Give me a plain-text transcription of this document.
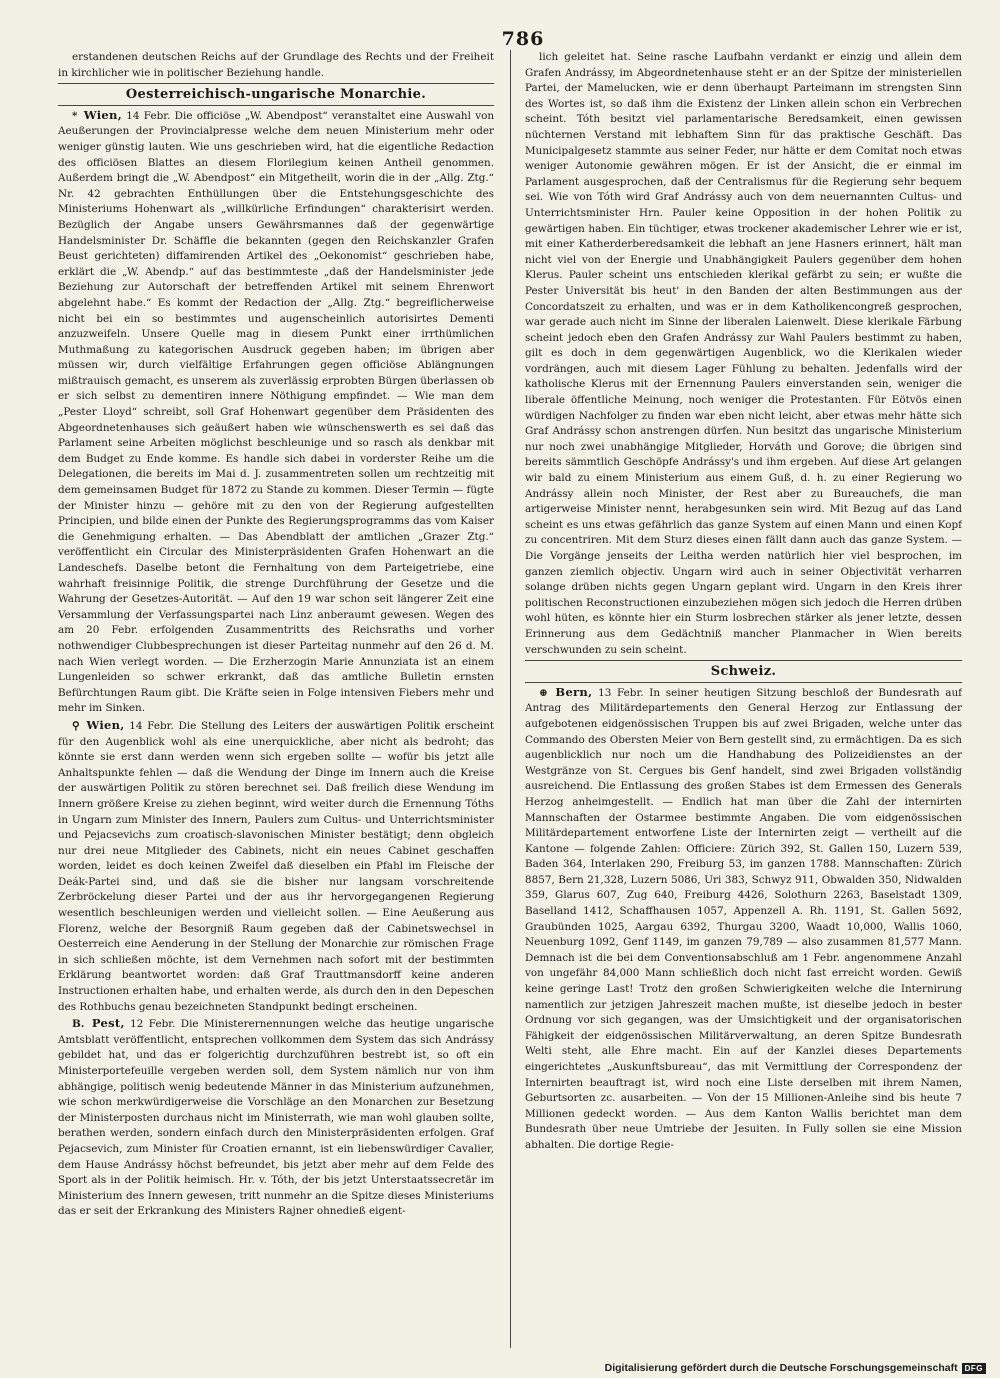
786
erstandenen deutschen Reichs auf der Grundlage des Rechts und der Freiheit in kirchlicher wie in politischer Beziehung handle.
Oesterreichisch-ungarische Monarchie.
* Wien, 14 Febr. Die officiöse „W. Abendpost“ veranstaltet eine Auswahl von Aeußerungen der Provincialpresse welche dem neuen Ministerium mehr oder weniger günstig lauten. Wie uns geschrieben wird, hat die eigentliche Redaction des officiösen Blattes an diesem Florilegium keinen Antheil genommen. Außerdem bringt die „W. Abendpost“ ein Mitgetheilt, worin die in der „Allg. Ztg.“ Nr. 42 gebrachten Enthüllungen über die Entstehungsgeschichte des Ministeriums Hohenwart als „willkürliche Erfindungen“ charakterisirt werden. Bezüglich der Angabe unsers Gewährsmannes daß der gegenwärtige Handelsminister Dr. Schäffle die bekannten (gegen den Reichskanzler Grafen Beust gerichteten) diffamirenden Artikel des „Oekonomist“ geschrieben habe, erklärt die „W. Abendp.“ auf das bestimmteste „daß der Handelsminister jede Beziehung zur Autorschaft der betreffenden Artikel mit seinem Ehrenwort abgelehnt habe.“ Es kommt der Redaction der „Allg. Ztg.“ begreiflicherweise nicht bei ein so bestimmtes und augenscheinlich autorisirtes Dementi anzuzweifeln. Unsere Quelle mag in diesem Punkt einer irrthümlichen Muthmaßung zu kategorischen Ausdruck gegeben haben; im übrigen aber müssen wir, durch vielfältige Erfahrungen gegen officiöse Ablängnungen mißtrauisch gemacht, es unserem als zuverlässig erprobten Bürgen überlassen ob er sich selbst zu dementiren innere Nöthigung empfindet. — Wie man dem „Pester Lloyd“ schreibt, soll Graf Hohenwart gegenüber dem Präsidenten des Abgeordnetenhauses sich geäußert haben wie wünschenswerth es sei daß das Parlament seine Arbeiten möglichst beschleunige und so rasch als denkbar mit dem Budget zu Ende komme. Es handle sich dabei in vorderster Reihe um die Delegationen, die bereits im Mai d. J. zusammentreten sollen um rechtzeitig mit dem gemeinsamen Budget für 1872 zu Stande zu kommen. Dieser Termin — fügte der Minister hinzu — gehöre mit zu den von der Regierung aufgestellten Principien, und bilde einen der Punkte des Regierungsprogramms das vom Kaiser die Genehmigung erhalten. — Das Abendblatt der amtlichen „Grazer Ztg.“ veröffentlicht ein Circular des Ministerpräsidenten Grafen Hohenwart an die Landeschefs. Daselbe betont die Fernhaltung von dem Parteigetriebe, eine wahrhaft freisinnige Politik, die strenge Durchführung der Gesetze und die Wahrung der Gesetzes-Autorität. — Auf den 19 war schon seit längerer Zeit eine Versammlung der Verfassungspartei nach Linz anberaumt gewesen. Wegen des am 20 Febr. erfolgenden Zusammentritts des Reichsraths und vorher nothwendiger Clubbesprechungen ist dieser Parteitag nunmehr auf den 26 d. M. nach Wien verlegt worden. — Die Erzherzogin Marie Annunziata ist an einem Lungenleiden so schwer erkrankt, daß das amtliche Bulletin ernsten Befürchtungen Raum gibt. Die Kräfte seien in Folge intensiven Fiebers mehr und mehr im Sinken.
⚲ Wien, 14 Febr. Die Stellung des Leiters der auswärtigen Politik erscheint für den Augenblick wohl als eine unerquickliche, aber nicht als bedroht; das könnte sie erst dann werden wenn sich ergeben sollte — wofür bis jetzt alle Anhaltspunkte fehlen — daß die Wendung der Dinge im Innern auch die Kreise der auswärtigen Politik zu stören berechnet sei. Daß freilich diese Wendung im Innern größere Kreise zu ziehen beginnt, wird weiter durch die Ernennung Tóths in Ungarn zum Minister des Innern, Paulers zum Cultus- und Unterrichtsminister und Pejacsevichs zum croatisch-slavonischen Minister bestätigt; denn obgleich nur drei neue Mitglieder des Cabinets, nicht ein neues Cabinet geschaffen worden, leidet es doch keinen Zweifel daß dieselben ein Pfahl im Fleische der Deák-Partei sind, und daß sie die bisher nur langsam vorschreitende Zerbröckelung dieser Partei und der aus ihr hervorgegangenen Regierung wesentlich beschleunigen werden und vielleicht sollen. — Eine Aeußerung aus Florenz, welche der Besorgniß Raum gegeben daß der Cabinetswechsel in Oesterreich eine Aenderung in der Stellung der Monarchie zur römischen Frage in sich schließen möchte, ist dem Vernehmen nach sofort mit der bestimmten Erklärung beantwortet worden: daß Graf Trauttmansdorff keine anderen Instructionen erhalten habe, und erhalten werde, als durch den in den Depeschen des Rothbuchs genau bezeichneten Standpunkt bedingt erscheinen.
B. Pest, 12 Febr. Die Ministerernennungen welche das heutige ungarische Amtsblatt veröffentlicht, entsprechen vollkommen dem System das sich Andrássy gebildet hat, und das er folgerichtig durchzuführen bestrebt ist, so oft ein Ministerportefeuille vergeben werden soll, dem System nämlich nur von ihm abhängige, politisch wenig bedeutende Männer in das Ministerium aufzunehmen, wie schon merkwürdigerweise die Vorschläge an den Monarchen zur Besetzung der Ministerposten durchaus nicht im Ministerrath, wie man wohl glauben sollte, berathen werden, sondern einfach durch den Ministerpräsidenten erfolgen. Graf Pejacsevich, zum Minister für Croatien ernannt, ist ein liebenswürdiger Cavalier, dem Hause Andrássy höchst befreundet, bis jetzt aber mehr auf dem Felde des Sport als in der Politik heimisch. Hr. v. Tóth, der bis jetzt Unterstaatssecretär im Ministerium des Innern gewesen, tritt nunmehr an die Spitze dieses Ministeriums das er seit der Erkrankung des Ministers Rajner ohnedieß eigent-
lich geleitet hat. Seine rasche Laufbahn verdankt er einzig und allein dem Grafen Andrássy, im Abgeordnetenhause steht er an der Spitze der ministeriellen Partei, der Mamelucken, wie er denn überhaupt Parteimann im strengsten Sinn des Wortes ist, so daß ihm die Existenz der Linken allein schon ein Verbrechen scheint. Tóth besitzt viel parlamentarische Beredsamkeit, einen gewissen nüchternen Verstand mit lebhaftem Sinn für das praktische Geschäft. Das Municipalgesetz stammte aus seiner Feder, nur hätte er dem Comitat noch etwas weniger Autonomie gewähren mögen. Er ist der Ansicht, die er einmal im Parlament ausgesprochen, daß der Centralismus für die Regierung sehr bequem sei. Wie von Tóth wird Graf Andrássy auch von dem neuernannten Cultus- und Unterrichtsminister Hrn. Pauler keine Opposition in der hohen Politik zu gewärtigen haben. Ein tüchtiger, etwas trockener akademischer Lehrer wie er ist, mit einer Katherderberedsamkeit die lebhaft an jene Hasners erinnert, hält man nicht viel von der Energie und Unabhängigkeit Paulers gegenüber dem hohen Klerus. Pauler scheint uns entschieden klerikal gefärbt zu sein; er wußte die Pester Universität bis heut' in den Banden der alten Bestimmungen aus der Concordatszeit zu erhalten, und was er in dem Katholikencongreß gesprochen, war gerade auch nicht im Sinne der liberalen Laienwelt. Diese klerikale Färbung scheint jedoch eben den Grafen Andrássy zur Wahl Paulers bestimmt zu haben, gilt es doch in dem gegenwärtigen Augenblick, wo die Klerikalen wieder vordrängen, auch mit diesem Lager Fühlung zu behalten. Jedenfalls wird der katholische Klerus mit der Ernennung Paulers einverstanden sein, weniger die liberale öffentliche Meinung, noch weniger die Protestanten. Für Eötvös einen würdigen Nachfolger zu finden war eben nicht leicht, aber etwas mehr hätte sich Graf Andrássy schon anstrengen dürfen. Nun besitzt das ungarische Ministerium nur noch zwei unabhängige Mitglieder, Horváth und Gorove; die übrigen sind bereits sämmtlich Geschöpfe Andrássy's und ihm ergeben. Auf diese Art gelangen wir bald zu einem Ministerium aus einem Guß, d. h. zu einer Regierung wo Andrássy allein noch Minister, der Rest aber zu Bureauchefs, die man artigerweise Minister nennt, herabgesunken sein wird. Mit Bezug auf das Land scheint es uns etwas gefährlich das ganze System auf einen Mann und einen Kopf zu concentriren. Mit dem Sturz dieses einen fällt dann auch das ganze System. — Die Vorgänge jenseits der Leitha werden natürlich hier viel besprochen, im ganzen ziemlich objectiv. Ungarn wird auch in seiner Objectivität verharren solange drüben nichts gegen Ungarn geplant wird. Ungarn in den Kreis ihrer politischen Reconstructionen einzubeziehen mögen sich jedoch die Herren drüben wohl hüten, es könnte hier ein Sturm losbrechen stärker als jener letzte, dessen Erinnerung aus dem Gedächtniß mancher Planmacher in Wien bereits verschwunden zu sein scheint.
Schweiz.
⊕ Bern, 13 Febr. In seiner heutigen Sitzung beschloß der Bundesrath auf Antrag des Militärdepartements den General Herzog zur Entlassung der aufgebotenen eidgenössischen Truppen bis auf zwei Brigaden, welche unter das Commando des Obersten Meier von Bern gestellt sind, zu ermächtigen. Da es sich augenblicklich nur noch um die Handhabung des Polizeidienstes an der Westgränze von St. Cergues bis Genf handelt, sind zwei Brigaden vollständig ausreichend. Die Entlassung des großen Stabes ist dem Ermessen des Generals Herzog anheimgestellt. — Endlich hat man über die Zahl der internirten Mannschaften der Ostarmee bestimmte Angaben. Die vom eidgenössischen Militärdepartement entworfene Liste der Internirten zeigt — vertheilt auf die Kantone — folgende Zahlen: Officiere: Zürich 392, St. Gallen 150, Luzern 539, Baden 364, Interlaken 290, Freiburg 53, im ganzen 1788. Mannschaften: Zürich 8857, Bern 21,328, Luzern 5086, Uri 383, Schwyz 911, Obwalden 350, Nidwalden 359, Glarus 607, Zug 640, Freiburg 4426, Solothurn 2263, Baselstadt 1309, Baselland 1412, Schaffhausen 1057, Appenzell A. Rh. 1191, St. Gallen 5692, Graubünden 1025, Aargau 6392, Thurgau 3200, Waadt 10,000, Wallis 1060, Neuenburg 1092, Genf 1149, im ganzen 79,789 — also zusammen 81,577 Mann. Demnach ist die bei dem Conventionsabschluß am 1 Febr. angenommene Anzahl von ungefähr 84,000 Mann schließlich doch nicht fast erreicht worden. Gewiß keine geringe Last! Trotz den großen Schwierigkeiten welche die Internirung namentlich zur jetzigen Jahreszeit machen mußte, ist dieselbe jedoch in bester Ordnung vor sich gegangen, was der Umsichtigkeit und der organisatorischen Fähigkeit der eidgenössischen Militärverwaltung, an deren Spitze Bundesrath Welti steht, alle Ehre macht. Ein auf der Kanzlei dieses Departements eingerichtetes „Auskunftsbureau“, das mit Vermittlung der Correspondenz der Internirten beauftragt ist, wird noch eine Liste derselben mit ihrem Namen, Geburtsorten zc. ausarbeiten. — Von der 15 Millionen-Anleihe sind bis heute 7 Millionen gedeckt worden. — Aus dem Kanton Wallis berichtet man dem Bundesrath über neue Umtriebe der Jesuiten. In Fully sollen sie eine Mission abhalten. Die dortige Regie-
Digitalisierung gefördert durch die Deutsche Forschungsgemeinschaft DFG
